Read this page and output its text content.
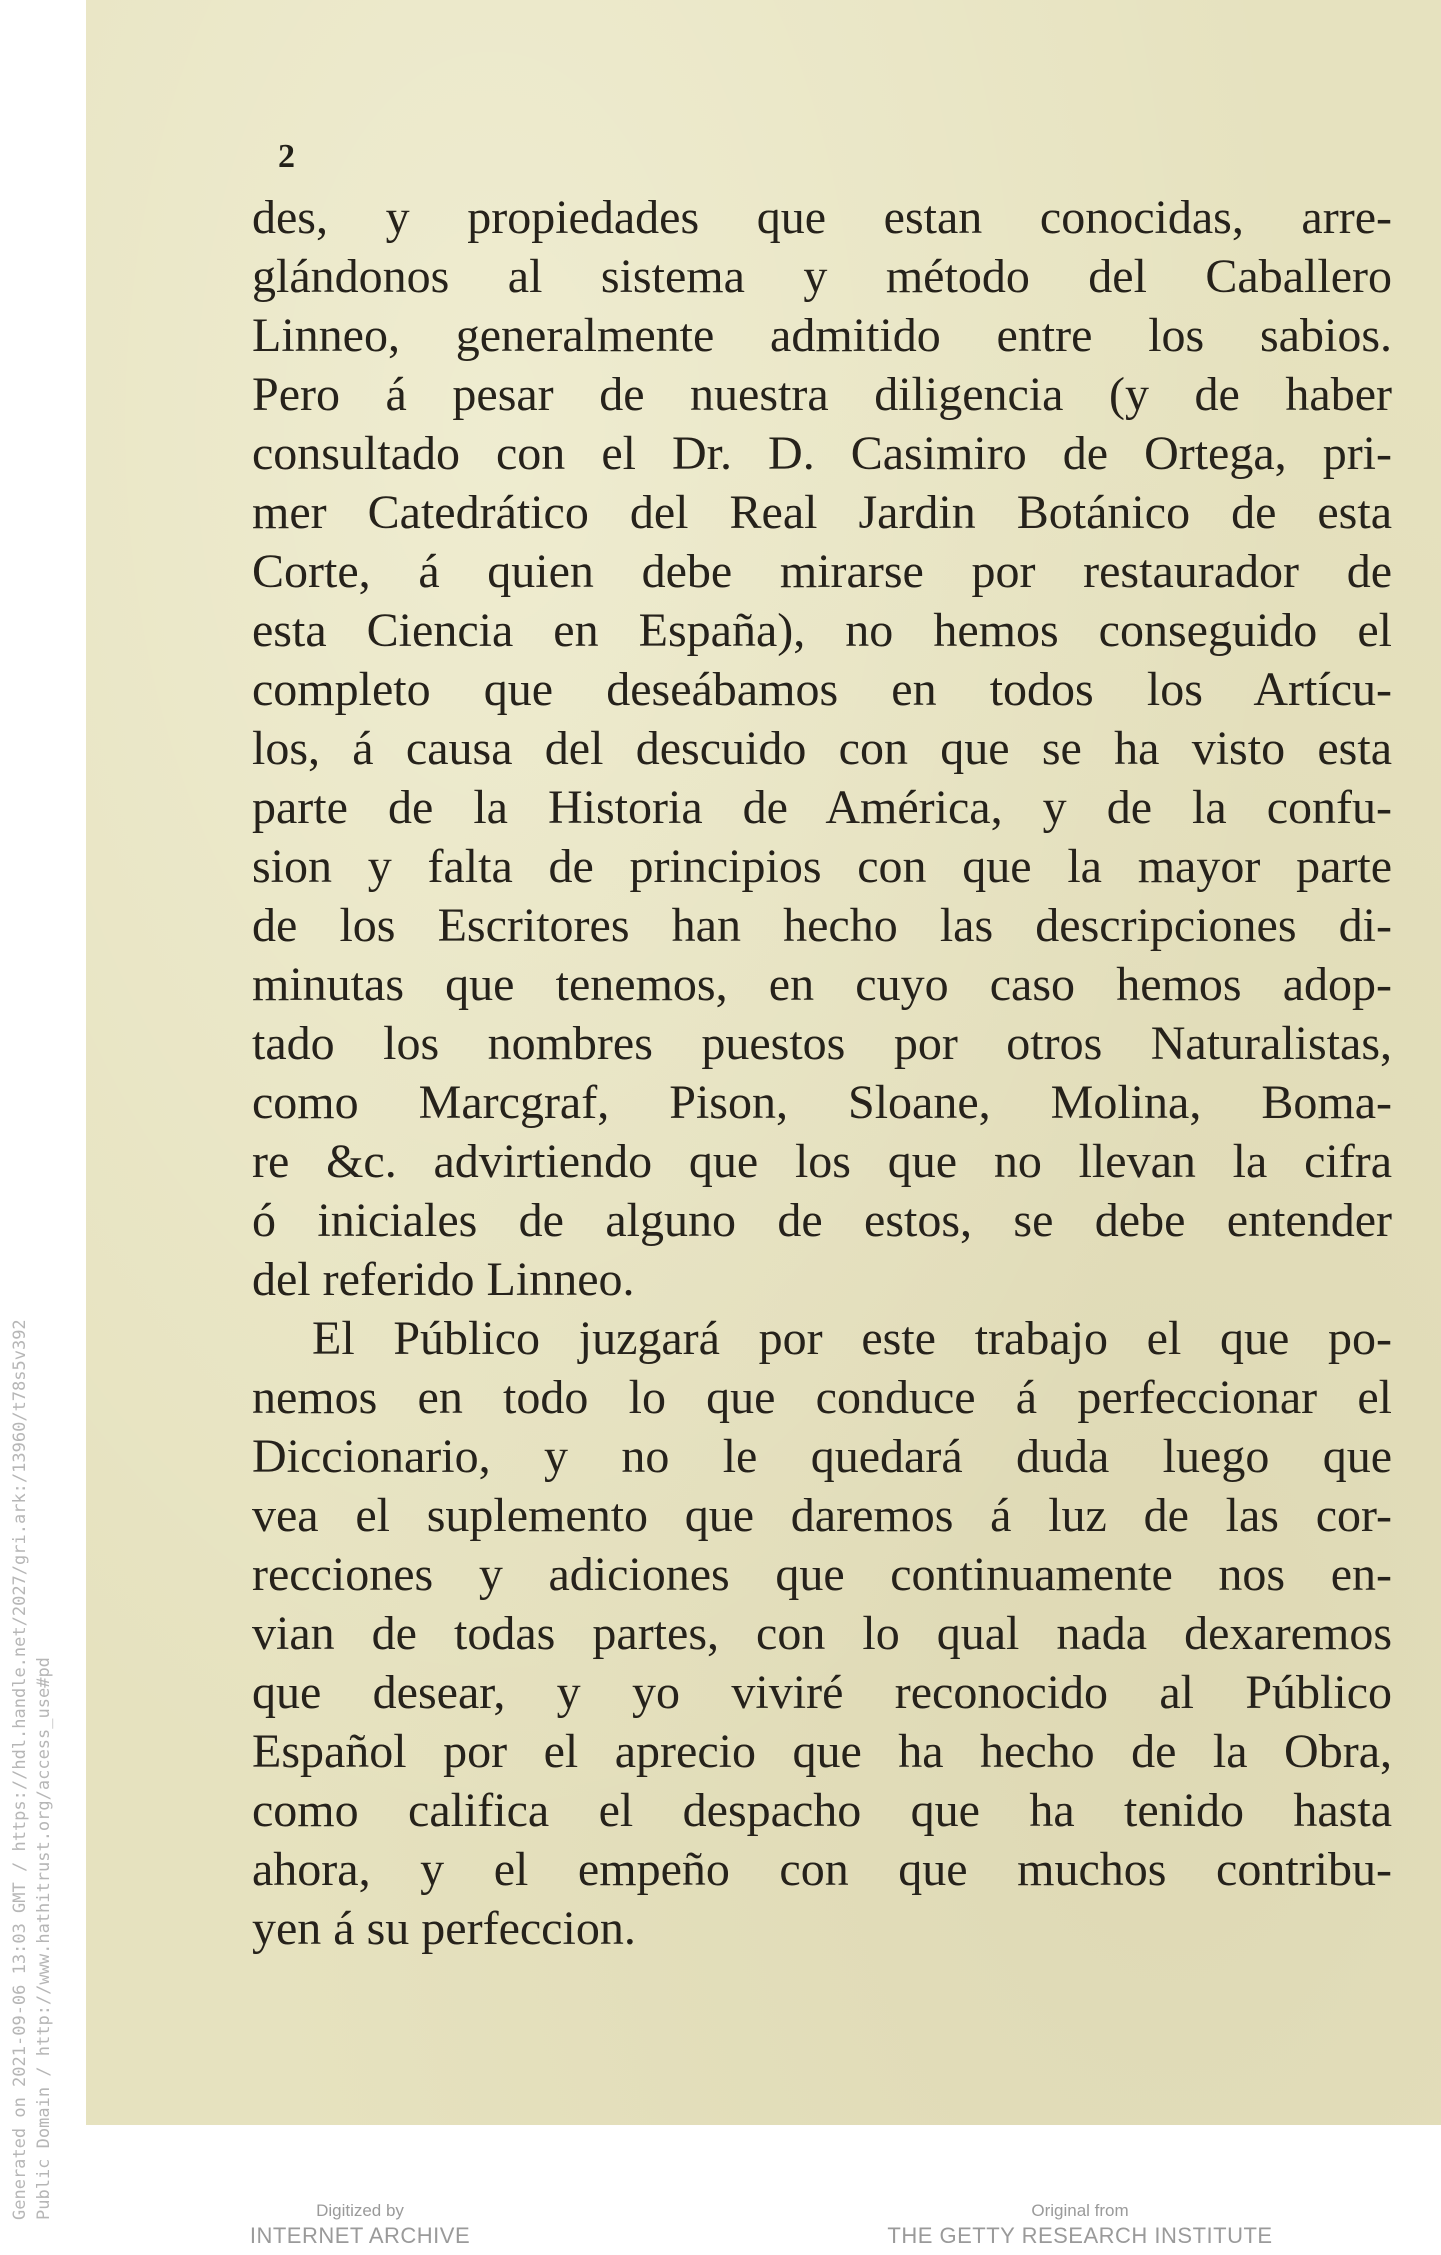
Generated on 2021-09-06 13:03 GMT / https://hdl.handle.net/2027/gri.ark:/13960/t78s5v392 Public Domain / http://www.hathitrust.org/access_use#pd
2
des, y propiedades que estan conocidas, arre-
glándonos al sistema y método del Caballero
Linneo, generalmente admitido entre los sabios.
Pero á pesar de nuestra diligencia (y de haber
consultado con el Dr. D. Casimiro de Ortega, pri-
mer Catedrático del Real Jardin Botánico de esta
Corte, á quien debe mirarse por restaurador de
esta Ciencia en España), no hemos conseguido el
completo que deseábamos en todos los Artícu-
los, á causa del descuido con que se ha visto esta
parte de la Historia de América, y de la confu-
sion y falta de principios con que la mayor parte
de los Escritores han hecho las descripciones di-
minutas que tenemos, en cuyo caso hemos adop-
tado los nombres puestos por otros Naturalistas,
como Marcgraf, Pison, Sloane, Molina, Boma-
re &c. advirtiendo que los que no llevan la cifra
ó iniciales de alguno de estos, se debe entender
del referido Linneo.
El Público juzgará por este trabajo el que po-
nemos en todo lo que conduce á perfeccionar el
Diccionario, y no le quedará duda luego que
vea el suplemento que daremos á luz de las cor-
recciones y adiciones que continuamente nos en-
vian de todas partes, con lo qual nada dexaremos
que desear, y yo viviré reconocido al Público
Español por el aprecio que ha hecho de la Obra,
como califica el despacho que ha tenido hasta
ahora, y el empeño con que muchos contribu-
yen á su perfeccion.
Digitized by
INTERNET ARCHIVE
Original from
THE GETTY RESEARCH INSTITUTE
